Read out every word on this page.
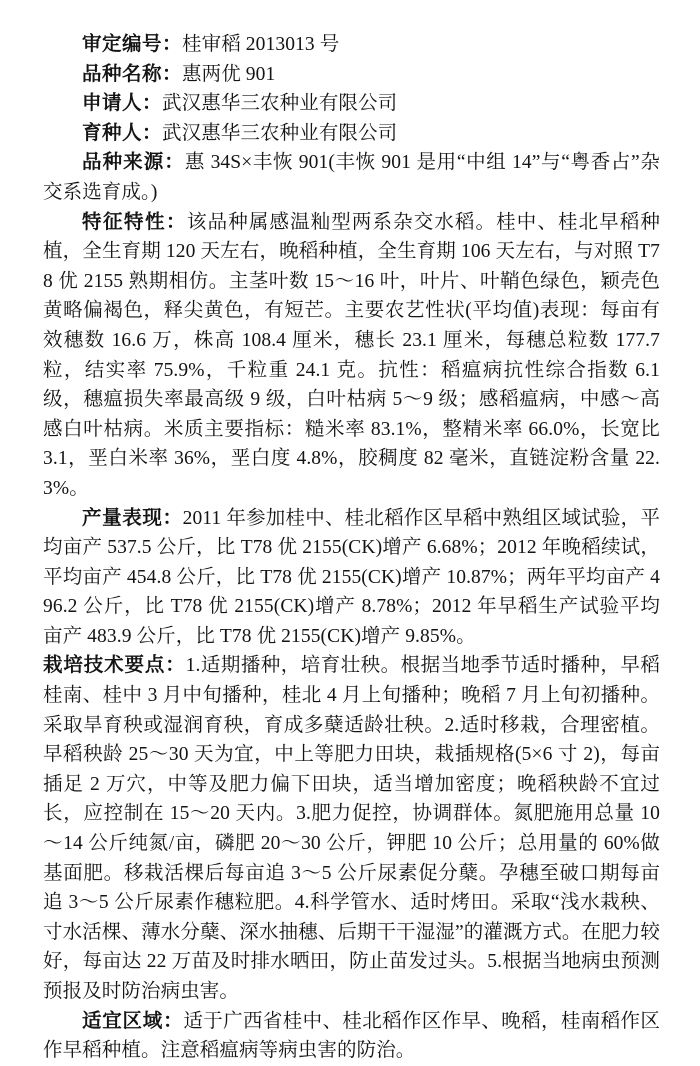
审定编号：桂审稻 2013013 号

品种名称：惠两优 901

申请人：武汉惠华三农种业有限公司

育种人：武汉惠华三农种业有限公司

品种来源：惠 34S×丰恢 901(丰恢 901 是用“中组 14”与“粤香占”杂交系选育成。)

特征特性：该品种属感温籼型两系杂交水稻。桂中、桂北早稻种植，全生育期 120 天左右，晚稻种植，全生育期 106 天左右，与对照 T78 优 2155 熟期相仿。主茎叶数 15～16 叶，叶片、叶鞘色绿色，颖壳色黄略偏褐色，释尖黄色，有短芒。主要农艺性状(平均值)表现：每亩有效穗数 16.6 万，株高 108.4 厘米，穗长 23.1 厘米，每穗总粒数 177.7 粒，结实率 75.9%，千粒重 24.1 克。抗性：稻瘟病抗性综合指数 6.1 级，穗瘟损失率最高级 9 级，白叶枯病 5～9 级；感稻瘟病，中感～高感白叶枯病。米质主要指标：糙米率 83.1%，整精米率 66.0%，长宽比 3.1，垩白米率 36%，垩白度 4.8%，胶稠度 82 毫米，直链淀粉含量 22.3%。

产量表现：2011 年参加桂中、桂北稻作区早稻中熟组区域试验，平均亩产 537.5 公斤，比 T78 优 2155(CK)增产 6.68%；2012 年晚稻续试，平均亩产 454.8 公斤，比 T78 优 2155(CK)增产 10.87%；两年平均亩产 496.2 公斤，比 T78 优 2155(CK)增产 8.78%；2012 年早稻生产试验平均亩产 483.9 公斤，比 T78 优 2155(CK)增产 9.85%。

栽培技术要点：1.适期播种，培育壮秧。根据当地季节适时播种，早稻桂南、桂中 3 月中旬播种，桂北 4 月上旬播种；晚稻 7 月上旬初播种。采取旱育秧或湿润育秧，育成多蘖适龄壮秧。2.适时移栽，合理密植。早稻秧龄 25～30 天为宜，中上等肥力田块，栽插规格(5×6 寸 2)，每亩插足 2 万穴，中等及肥力偏下田块，适当增加密度；晚稻秧龄不宜过长，应控制在 15～20 天内。3.肥力促控，协调群体。氮肥施用总量 10～14 公斤纯氮/亩，磷肥 20～30 公斤，钾肥 10 公斤；总用量的 60%做基面肥。移栽活棵后每亩追 3～5 公斤尿素促分蘖。孕穗至破口期每亩追 3～5 公斤尿素作穗粒肥。4.科学管水、适时烤田。采取“浅水栽秧、寸水活棵、薄水分蘖、深水抽穗、后期干干湿湿”的灌溉方式。在肥力较好，每亩达 22 万苗及时排水晒田，防止苗发过头。5.根据当地病虫预测预报及时防治病虫害。

适宜区域：适于广西省桂中、桂北稻作区作早、晚稻，桂南稻作区作早稻种植。注意稻瘟病等病虫害的防治。
